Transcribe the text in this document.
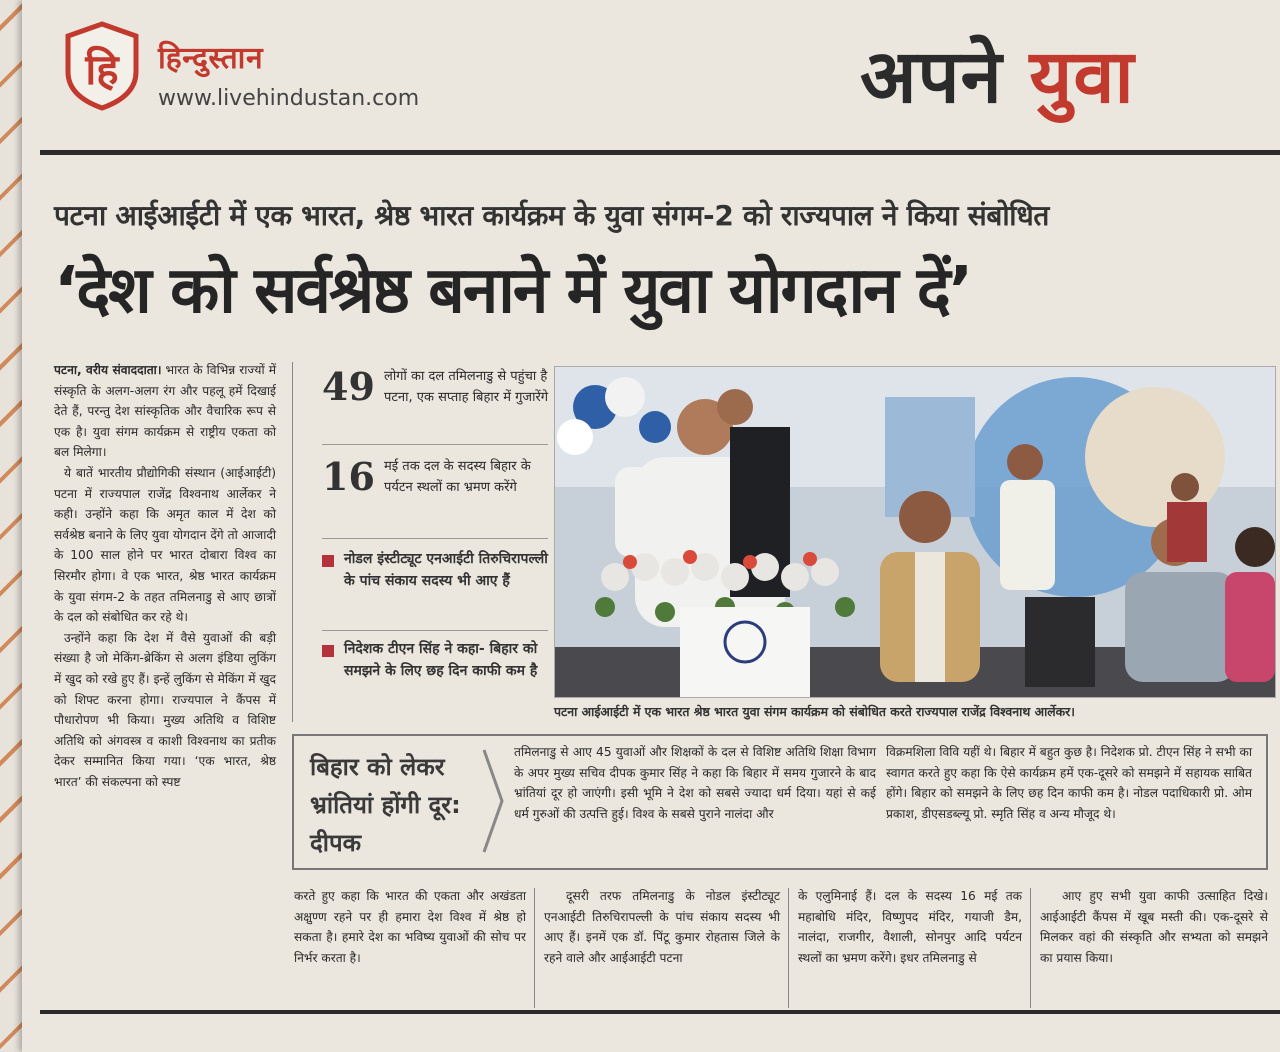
हि हिन्दुस्तान
www.livehindustan.com	अपने युवा
पटना आईआईटी में एक भारत, श्रेष्ठ भारत कार्यक्रम के युवा संगम-2 को राज्यपाल ने किया संबोधित
‘देश को सर्वश्रेष्ठ बनाने में युवा योगदान दें’

पटना, वरीय संवाददाता। भारत के विभिन्न राज्यों में संस्कृति के अलग-अलग रंग और पहलू हमें दिखाई देते हैं, परन्तु देश सांस्कृतिक और वैचारिक रूप से एक है। युवा संगम कार्यक्रम से राष्ट्रीय एकता को बल मिलेगा।

ये बातें भारतीय प्रौद्योगिकी संस्थान (आईआईटी) पटना में राज्यपाल राजेंद्र विश्वनाथ आर्लेकर ने कही। उन्होंने कहा कि अमृत काल में देश को सर्वश्रेष्ठ बनाने के लिए युवा योगदान देंगे तो आजादी के 100 साल होने पर भारत दोबारा विश्व का सिरमौर होगा। वे एक भारत, श्रेष्ठ भारत कार्यक्रम के युवा संगम-2 के तहत तमिलनाडु से आए छात्रों के दल को संबोधित कर रहे थे।

उन्होंने कहा कि देश में वैसे युवाओं की बड़ी संख्या है जो मेकिंग-ब्रेकिंग से अलग इंडिया लुकिंग में खुद को रखे हुए हैं। इन्हें लुकिंग से मेकिंग में खुद को शिफ्ट करना होगा। राज्यपाल ने कैंपस में पौधारोपण भी किया। मुख्य अतिथि व विशिष्ट अतिथि को अंगवस्त्र व काशी विश्वनाथ का प्रतीक देकर सम्मानित किया गया। ‘एक भारत, श्रेष्ठ भारत’ की संकल्पना को स्पष्ट

49 लोगों का दल तमिलनाडु से पहुंचा है पटना, एक सप्ताह बिहार में गुजारेंगे
16 मई तक दल के सदस्य बिहार के पर्यटन स्थलों का भ्रमण करेंगे
नोडल इंस्टीट्यूट एनआईटी तिरुचिरापल्ली के पांच संकाय सदस्य भी आए हैं
निदेशक टीएन सिंह ने कहा- बिहार को समझने के लिए छह दिन काफी कम है
पटना आईआईटी में एक भारत श्रेष्ठ भारत युवा संगम कार्यक्रम को संबोधित करते राज्यपाल राजेंद्र विश्वनाथ आर्लेकर।
बिहार को लेकर भ्रांतियां होंगी दूर: दीपक
तमिलनाडु से आए 45 युवाओं और शिक्षकों के दल से विशिष्ट अतिथि शिक्षा विभाग के अपर मुख्य सचिव दीपक कुमार सिंह ने कहा कि बिहार में समय गुजारने के बाद भ्रांतियां दूर हो जाएंगी। इसी भूमि ने देश को सबसे ज्यादा धर्म दिया। यहां से कई धर्म गुरुओं की उत्पत्ति हुई। विश्व के सबसे पुराने नालंदा और
विक्रमशिला विवि यहीं थे। बिहार में बहुत कुछ है। निदेशक प्रो. टीएन सिंह ने सभी का स्वागत करते हुए कहा कि ऐसे कार्यक्रम हमें एक-दूसरे को समझने में सहायक साबित होंगे। बिहार को समझने के लिए छह दिन काफी कम है। नोडल पदाधिकारी प्रो. ओम प्रकाश, डीएसडब्ल्यू प्रो. स्मृति सिंह व अन्य मौजूद थे।

करते हुए कहा कि भारत की एकता और अखंडता अक्षुण्ण रहने पर ही हमारा देश विश्व में श्रेष्ठ हो सकता है। हमारे देश का भविष्य युवाओं की सोच पर निर्भर करता है।

दूसरी तरफ तमिलनाडु के नोडल इंस्टीट्यूट एनआईटी तिरुचिरापल्ली के पांच संकाय सदस्य भी आए हैं। इनमें एक डॉ. पिंटू कुमार रोहतास जिले के रहने वाले और आईआईटी पटना

के एलुमिनाई हैं। दल के सदस्य 16 मई तक महाबोधि मंदिर, विष्णुपद मंदिर, गयाजी डैम, नालंदा, राजगीर, वैशाली, सोनपुर आदि पर्यटन स्थलों का भ्रमण करेंगे। इधर तमिलनाडु से

आए हुए सभी युवा काफी उत्साहित दिखे। आईआईटी कैंपस में खूब मस्ती की। एक-दूसरे से मिलकर वहां की संस्कृति और सभ्यता को समझने का प्रयास किया।
